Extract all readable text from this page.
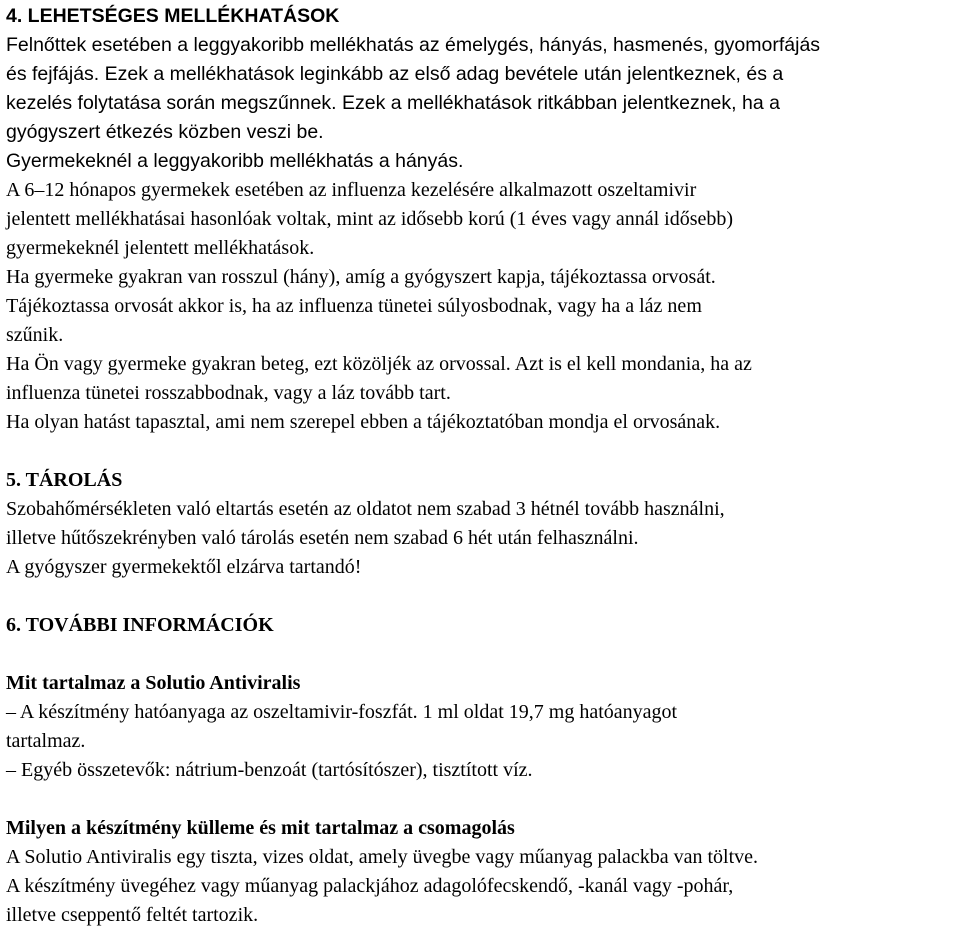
4. LEHETSÉGES MELLÉKHATÁSOK
Felnőttek esetében a leggyakoribb mellékhatás az émelygés, hányás, hasmenés, gyomorfájás
és fejfájás. Ezek a mellékhatások leginkább az első adag bevétele után jelentkeznek, és a
kezelés folytatása során megszűnnek. Ezek a mellékhatások ritkábban jelentkeznek, ha a
gyógyszert étkezés közben veszi be.
Gyermekeknél a leggyakoribb mellékhatás a hányás.
A 6–12 hónapos gyermekek esetében az influenza kezelésére alkalmazott oszeltamivir
jelentett mellékhatásai hasonlóak voltak, mint az idősebb korú (1 éves vagy annál idősebb)
gyermekeknél jelentett mellékhatások.
Ha gyermeke gyakran van rosszul (hány), amíg a gyógyszert kapja, tájékoztassa orvosát.
Tájékoztassa orvosát akkor is, ha az influenza tünetei súlyosbodnak, vagy ha a láz nem
szűnik.
Ha Ön vagy gyermeke gyakran beteg, ezt közöljék az orvossal. Azt is el kell mondania, ha az
influenza tünetei rosszabbodnak, vagy a láz tovább tart.
Ha olyan hatást tapasztal, ami nem szerepel ebben a tájékoztatóban mondja el orvosának.
5. TÁROLÁS
Szobahőmérsékleten való eltartás esetén az oldatot nem szabad 3 hétnél tovább használni,
illetve hűtőszekrényben való tárolás esetén nem szabad 6 hét után felhasználni.
A gyógyszer gyermekektől elzárva tartandó!
6. TOVÁBBI INFORMÁCIÓK
Mit tartalmaz a Solutio Antiviralis
– A készítmény hatóanyaga az oszeltamivir-foszfát. 1 ml oldat 19,7 mg hatóanyagot
tartalmaz.
– Egyéb összetevők: nátrium-benzoát (tartósítószer), tisztított víz.
Milyen a készítmény külleme és mit tartalmaz a csomagolás
A Solutio Antiviralis egy tiszta, vizes oldat, amely üvegbe vagy műanyag palackba van töltve.
A készítmény üvegéhez vagy műanyag palackjához adagolófecskendő, -kanál vagy -pohár,
illetve cseppentő feltét tartozik.
